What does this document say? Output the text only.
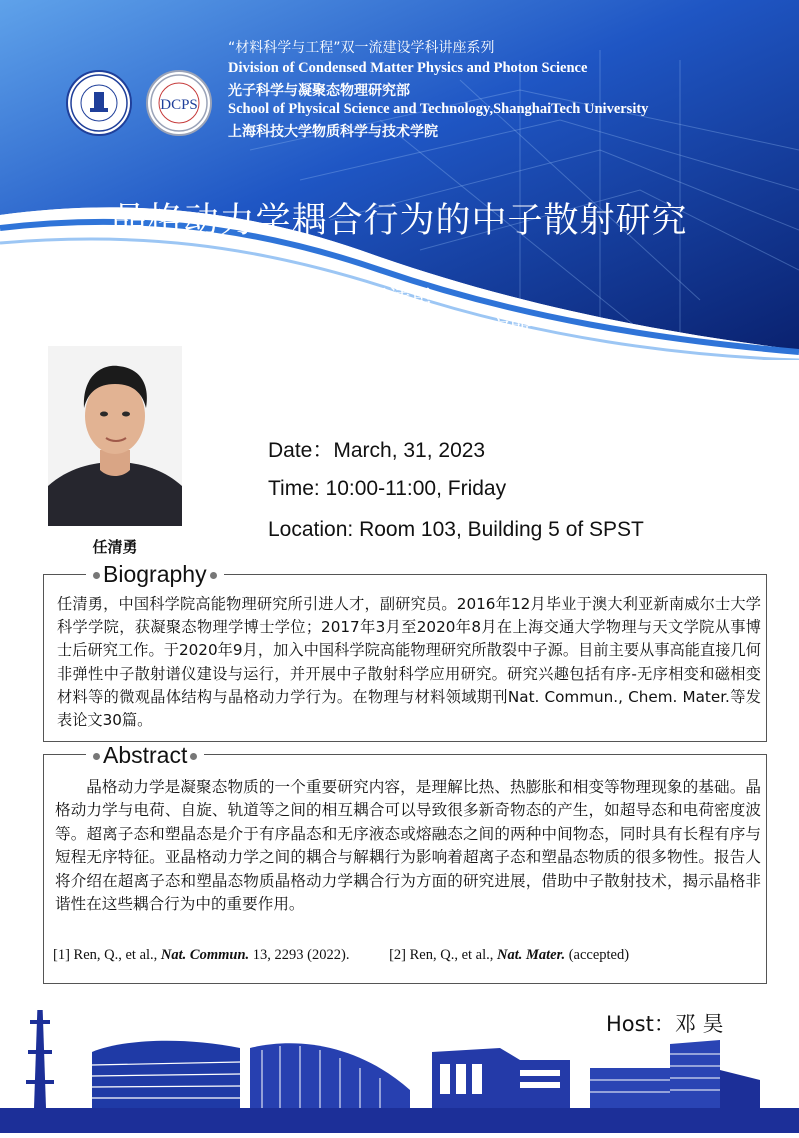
DCPS
“材料科学与工程”双一流建设学科讲座系列
Division of Condensed Matter Physics and Photon Science
光子科学与凝聚态物理研究部
School of Physical Science and Technology,ShanghaiTech University
上海科技大学物质科学与技术学院
晶格动力学耦合行为的中子散射研究
任清勇
中国科学院高能物理研究所
任清勇
Date：March, 31, 2023
Time: 10:00-11:00, Friday
Location: Room 103, Building 5 of SPST
Biography
任清勇，中国科学院高能物理研究所引进人才，副研究员。2016年12月毕业于澳大利亚新南威尔士大学科学学院，获凝聚态物理学博士学位；2017年3月至2020年8月在上海交通大学物理与天文学院从事博士后研究工作。于2020年9月，加入中国科学院高能物理研究所散裂中子源。目前主要从事高能直接几何非弹性中子散射谱仪建设与运行，并开展中子散射科学应用研究。研究兴趣包括有序-无序相变和磁相变材料等的微观晶体结构与晶格动力学行为。在物理与材料领域期刊Nat. Commun., Chem. Mater.等发表论文30篇。
Abstract
晶格动力学是凝聚态物质的一个重要研究内容，是理解比热、热膨胀和相变等物理现象的基础。晶格动力学与电荷、自旋、轨道等之间的相互耦合可以导致很多新奇物态的产生，如超导态和电荷密度波等。超离子态和塑晶态是介于有序晶态和无序液态或熔融态之间的两种中间物态，同时具有长程有序与短程无序特征。亚晶格动力学之间的耦合与解耦行为影响着超离子态和塑晶态物质的很多物性。报告人将介绍在超离子态和塑晶态物质晶格动力学耦合行为方面的研究进展，借助中子散射技术，揭示晶格非谐性在这些耦合行为中的重要作用。
[1] Ren, Q., et al., Nat. Commun. 13, 2293 (2022).	[2] Ren, Q., et al., Nat. Mater. (accepted)
Host：邓 昊
